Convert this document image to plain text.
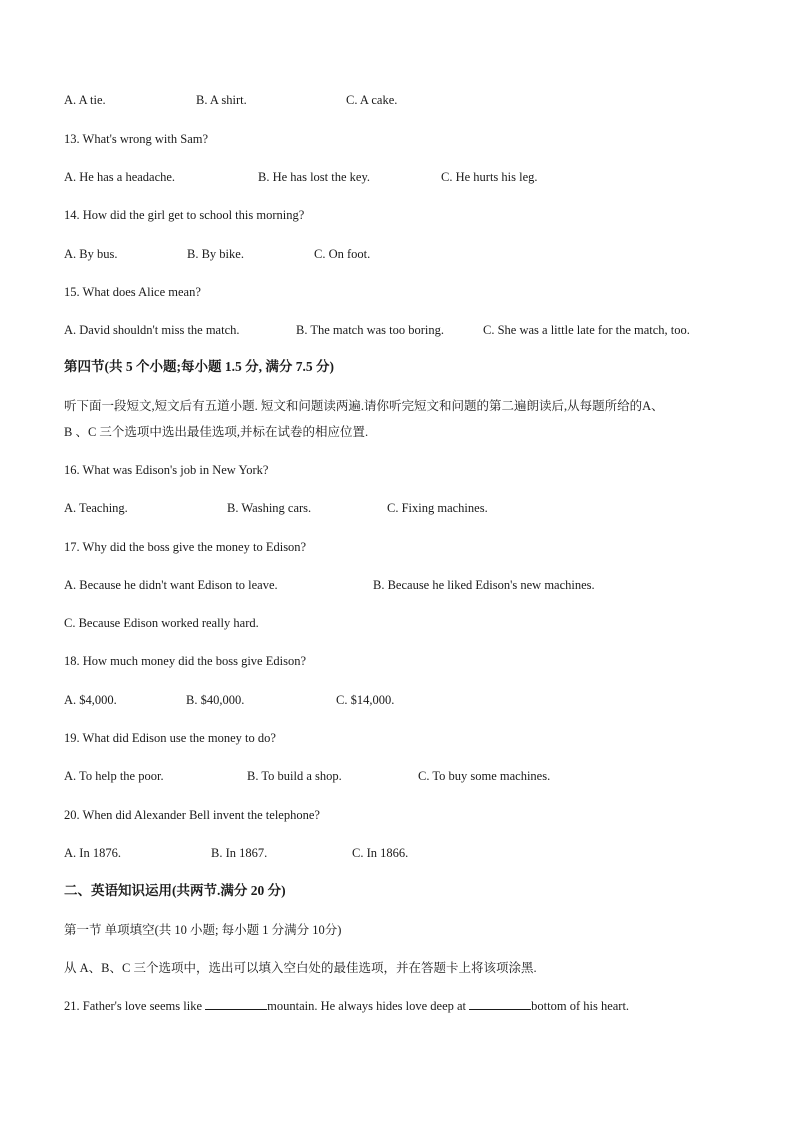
A. A tie.	B. A shirt.	C. A cake.
13. What's wrong with Sam?
A. He has a headache.	B. He has lost the key.	C. He hurts his leg.
14. How did the girl get to school this morning?
A. By bus.	B. By bike.	C. On foot.
15. What does Alice mean?
A. David shouldn't miss the match.	B. The match was too boring.	C. She was a little late for the match, too.
第四节(共 5 个小题;每小题 1.5 分, 满分 7.5 分)
听下面一段短文,短文后有五道小题. 短文和问题读两遍.请你听完短文和问题的第二遍朗读后,从每题所给的A、
B 、C 三个选项中选出最佳选项,并标在试卷的相应位置.
16. What was Edison's job in New York?
A. Teaching.	B. Washing cars.	C. Fixing machines.
17. Why did the boss give the money to Edison?
A. Because he didn't want Edison to leave.	B. Because he liked Edison's new machines.
C. Because Edison worked really hard.
18. How much money did the boss give Edison?
A. $4,000.	B. $40,000.	C. $14,000.
19. What did Edison use the money to do?
A. To help the poor.	B. To build a shop.	C. To buy some machines.
20. When did Alexander Bell invent the telephone?
A. In 1876.	B. In 1867.	C. In 1866.
二、英语知识运用(共两节.满分 20 分)
第一节 单项填空(共 10 小题; 每小题 1 分满分 10分)
从 A、B、C 三个选项中，选出可以填入空白处的最佳选项，并在答题卡上将该项涂黑.
21. Father's love seems like	mountain. He always hides love deep at	bottom of his heart.
